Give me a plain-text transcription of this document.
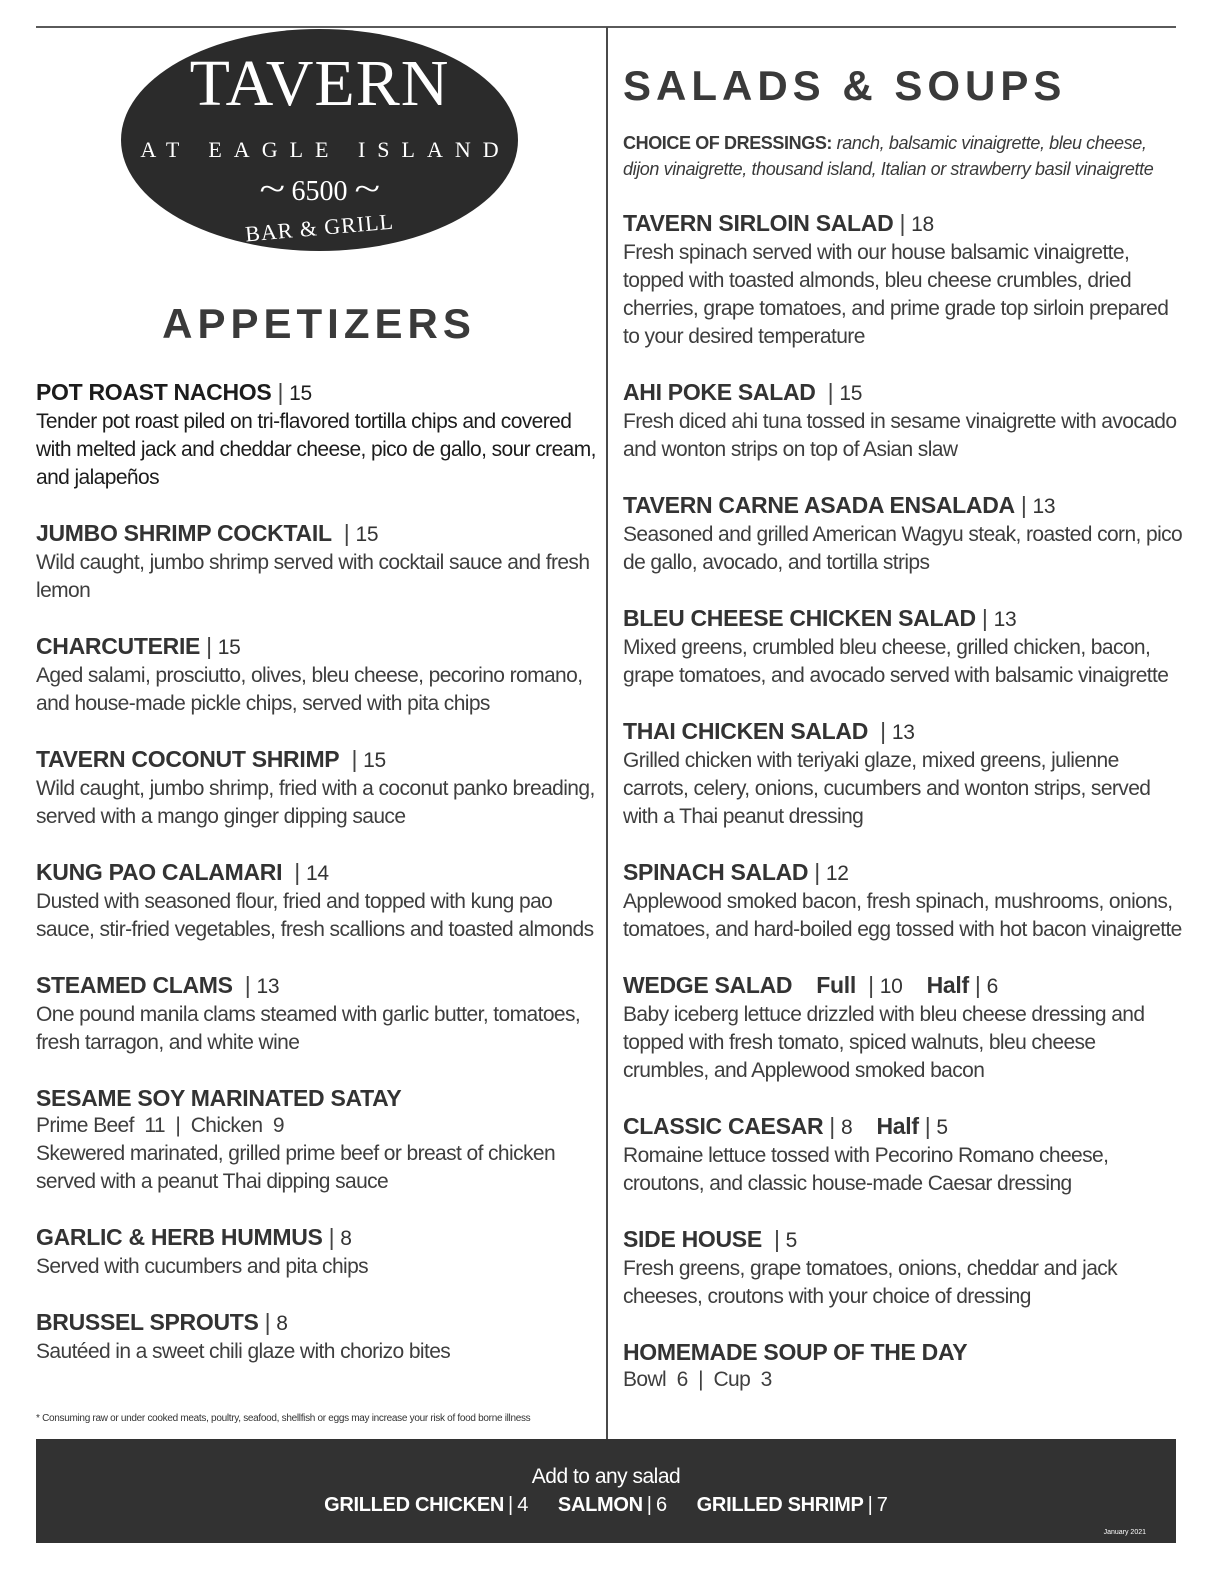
TAVERN
AT EAGLE ISLAND
~ 6500 ~
BAR & GRILL
APPETIZERS
POT ROAST NACHOS | 15
Tender pot roast piled on tri-flavored tortilla chips and covered with melted jack and cheddar cheese, pico de gallo, sour cream, and jalapeños
JUMBO SHRIMP COCKTAIL | 15
Wild caught, jumbo shrimp served with cocktail sauce and fresh lemon
CHARCUTERIE | 15
Aged salami, prosciutto, olives, bleu cheese, pecorino romano, and house-made pickle chips, served with pita chips
TAVERN COCONUT SHRIMP | 15
Wild caught, jumbo shrimp, fried with a coconut panko breading, served with a mango ginger dipping sauce
KUNG PAO CALAMARI | 14
Dusted with seasoned flour, fried and topped with kung pao sauce, stir-fried vegetables, fresh scallions and toasted almonds
STEAMED CLAMS | 13
One pound manila clams steamed with garlic butter, tomatoes, fresh tarragon, and white wine
SESAME SOY MARINATED SATAY
Prime Beef  11  |  Chicken  9
Skewered marinated, grilled prime beef or breast of chicken served with a peanut Thai dipping sauce
GARLIC & HERB HUMMUS | 8
Served with cucumbers and pita chips
BRUSSEL SPROUTS | 8
Sautéed in a sweet chili glaze with chorizo bites
* Consuming raw or under cooked meats, poultry, seafood, shellfish or eggs may increase your risk of food borne illness
SALADS & SOUPS
CHOICE OF DRESSINGS: ranch, balsamic vinaigrette, bleu cheese, dijon vinaigrette, thousand island, Italian or strawberry basil vinaigrette
TAVERN SIRLOIN SALAD | 18
Fresh spinach served with our house balsamic vinaigrette, topped with toasted almonds, bleu cheese crumbles, dried cherries, grape tomatoes, and prime grade top sirloin prepared to your desired temperature
AHI POKE SALAD | 15
Fresh diced ahi tuna tossed in sesame vinaigrette with avocado and wonton strips on top of Asian slaw
TAVERN CARNE ASADA ENSALADA | 13
Seasoned and grilled American Wagyu steak, roasted corn, pico de gallo, avocado, and tortilla strips
BLEU CHEESE CHICKEN SALAD | 13
Mixed greens, crumbled bleu cheese, grilled chicken, bacon, grape tomatoes, and avocado served with balsamic vinaigrette
THAI CHICKEN SALAD | 13
Grilled chicken with teriyaki glaze, mixed greens, julienne carrots, celery, onions, cucumbers and wonton strips, served with a Thai peanut dressing
SPINACH SALAD | 12
Applewood smoked bacon, fresh spinach, mushrooms, onions, tomatoes, and hard-boiled egg tossed with hot bacon vinaigrette
WEDGE SALAD Full | 10 Half | 6
Baby iceberg lettuce drizzled with bleu cheese dressing and topped with fresh tomato, spiced walnuts, bleu cheese crumbles, and Applewood smoked bacon
CLASSIC CAESAR | 8 Half | 5
Romaine lettuce tossed with Pecorino Romano cheese, croutons, and classic house-made Caesar dressing
SIDE HOUSE | 5
Fresh greens, grape tomatoes, onions, cheddar and jack cheeses, croutons with your choice of dressing
HOMEMADE SOUP OF THE DAY
Bowl  6  |  Cup  3
Add to any salad
GRILLED CHICKEN | 4 SALMON | 6 GRILLED SHRIMP | 7
January 2021
